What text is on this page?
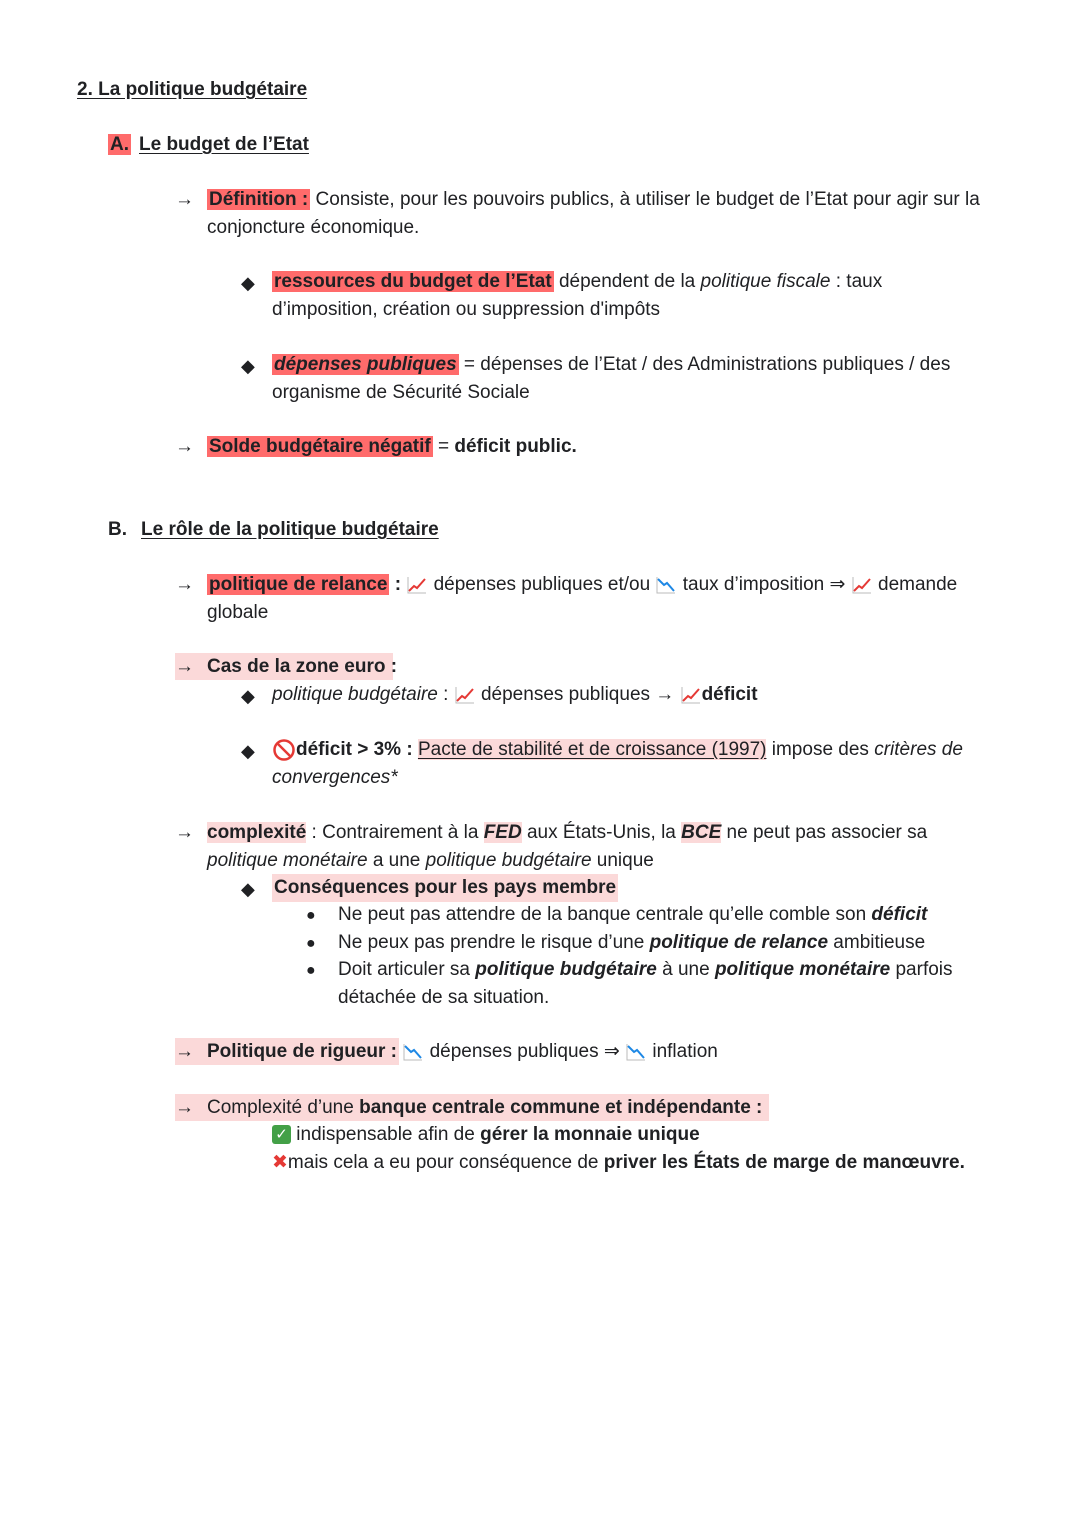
2. La politique budgétaire
A. Le budget de l’Etat
→ Définition : Consiste, pour les pouvoirs publics, à utiliser le budget de l’Etat pour agir sur la conjoncture économique.
◆ ressources du budget de l’Etat dépendent de la politique fiscale : taux d’imposition, création ou suppression d'impôts
◆ dépenses publiques = dépenses de l’Etat / des Administrations publiques / des organisme de Sécurité Sociale
→ Solde budgétaire négatif = déficit public.
B. Le rôle de la politique budgétaire
→ politique de relance :  dépenses publiques et/ou  taux d’imposition ⇒  demande globale
→ Cas de la zone euro :
◆ politique budgétaire :  dépenses publiques → déficit
◆	déficit > 3% : Pacte de stabilité et de croissance (1997) impose des critères de
convergences*
→ complexité : Contrairement à la FED aux États-Unis, la BCE ne peut pas associer sa
politique monétaire a une politique budgétaire unique
◆ Conséquences pour les pays membre
● Ne peut pas attendre de la banque centrale qu’elle comble son déficit
● Ne peux pas prendre le risque d’une politique de relance ambitieuse
● Doit articuler sa politique budgétaire à une politique monétaire parfois
détachée de sa situation.
→ Politique de rigueur :  dépenses publiques ⇒  inflation
→ Complexité d’une banque centrale commune et indépendante :
✓ indispensable afin de gérer la monnaie unique
✖mais cela a eu pour conséquence de priver les États de marge de manœuvre.
